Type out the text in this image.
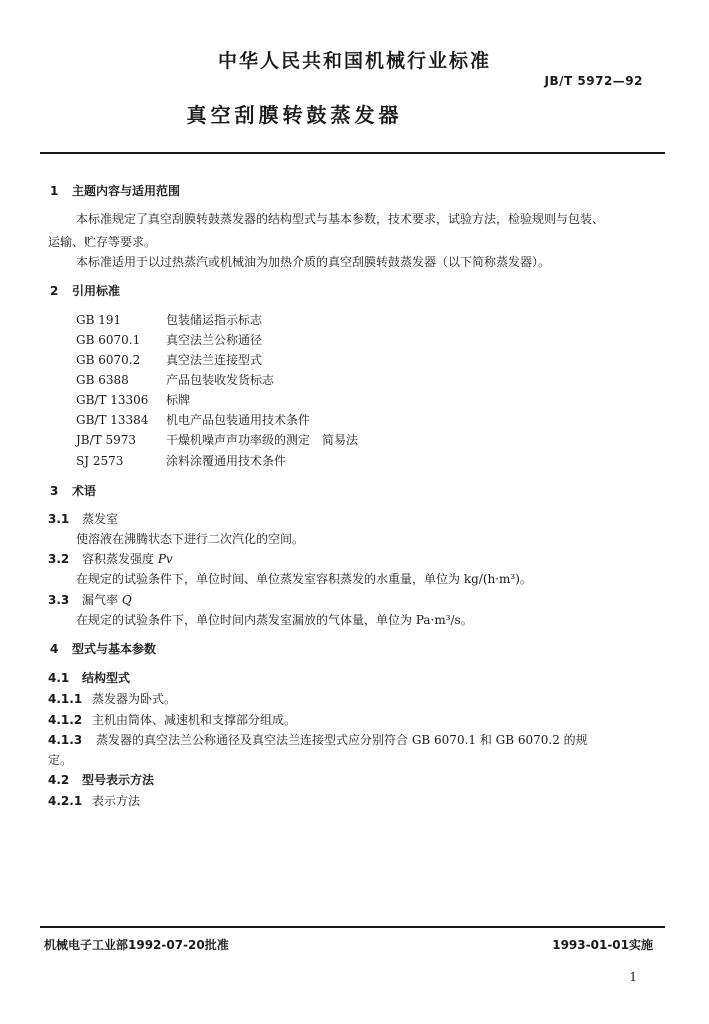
中华人民共和国机械行业标准
JB/T 5972—92
真空刮膜转鼓蒸发器
1 主题内容与适用范围
本标准规定了真空刮膜转鼓蒸发器的结构型式与基本参数，技术要求，试验方法，检验规则与包装、
运输、贮存等要求。
本标准适用于以过热蒸汽或机械油为加热介质的真空刮膜转鼓蒸发器（以下简称蒸发器）。
2 引用标准
GB 191	包装储运指示标志
GB 6070.1 真空法兰公称通径
GB 6070.2 真空法兰连接型式
GB 6388	产品包装收发货标志
GB/T 13306 标牌
GB/T 13384 机电产品包装通用技术条件
JB/T 5973 干燥机噪声声功率级的测定　简易法
SJ 2573	涂料涂覆通用技术条件
3 术语
3.1 蒸发室
使溶液在沸腾状态下进行二次汽化的空间。
3.2 容积蒸发强度 Pv
在规定的试验条件下，单位时间、单位蒸发室容积蒸发的水重量，单位为 kg/(h·m³)。
3.3 漏气率 Q
在规定的试验条件下，单位时间内蒸发室漏放的气体量，单位为 Pa·m³/s。
4 型式与基本参数
4.1 结构型式
4.1.1 蒸发器为卧式。
4.1.2 主机由筒体、减速机和支撑部分组成。
4.1.3 蒸发器的真空法兰公称通径及真空法兰连接型式应分别符合 GB 6070.1 和 GB 6070.2 的规
定。
4.2 型号表示方法
4.2.1 表示方法
机械电子工业部1992-07-20批准	1993-01-01实施
1
